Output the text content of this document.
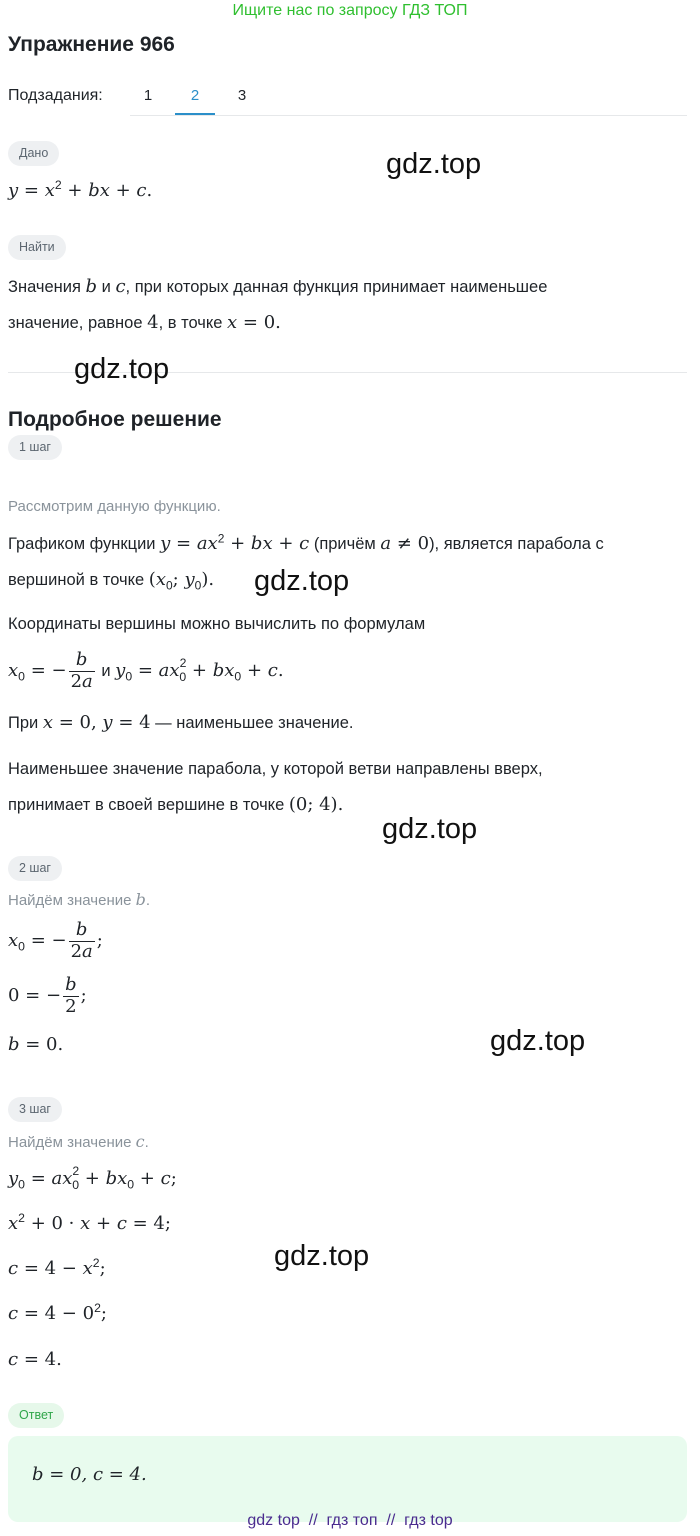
Ищите нас по запросу ГДЗ ТОП
Упражнение 966
Подзадания:	1	2	3
Дано
$y = x^2$ + bx + c.
Найти
Значения b и c, при которых данная функция принимает наименьшее
значение, равное 4, в точке x = 0.
Подробное решение
1 шаг
Рассмотрим данную функцию.
Графиком функции $y = ax^2$ + bx + c (причём a ≠ 0), является парабола с
вершиной в точке ($x_0$; $y_0$).
Координаты вершины можно вычислить по формулам
$x_0$ = − $\frac{b}{2a}$ и $y_0 = ax^2_0 + bx_0 + c$.
При x = 0, y = 4 — наименьшее значение.
Наименьшее значение парабола, у которой ветви направлены вверх,
принимает в своей вершине в точке (0; 4).
2 шаг
Найдём значение b.
$x_0$ = − $\frac{b}{2a}$ ;
0 = − $\frac{b}{2}$ ;
b = 0.
3 шаг
Найдём значение c.
$y_0 = ax^2_0 + bx_0 + c$;
$x^2 + 0 \cdot x + c = 4$;
$c = 4 - x^2$;
$c = 4 - 0^2$;
c = 4.
Ответ
b = 0, c = 4.
gdz.top
gdz.top
gdz.top
gdz.top
gdz.top
gdz.top
gdz top  //  гдз топ  //  гдз top
